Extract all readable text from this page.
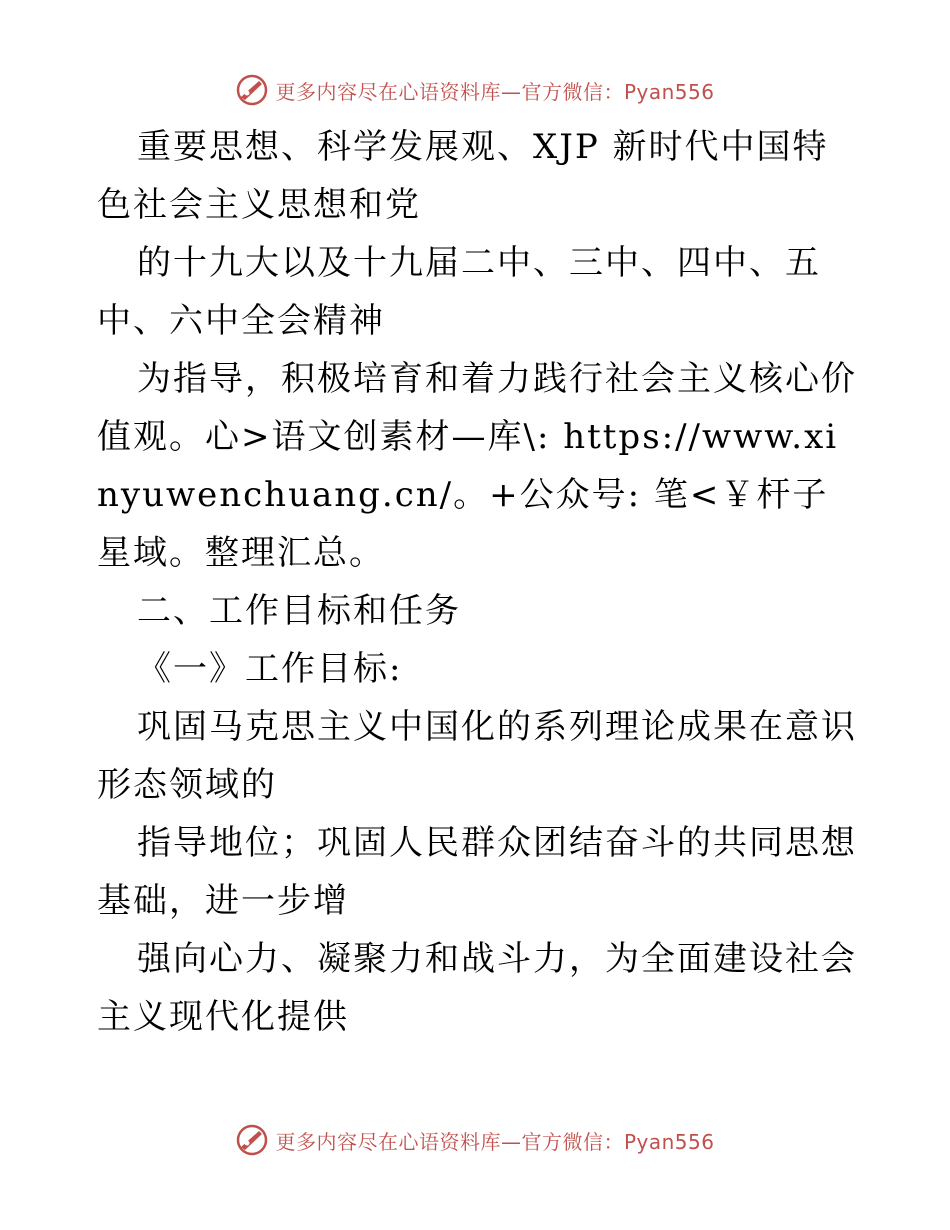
更多内容尽在心语资料库—官方微信：Pyan556

重要思想、科学发展观、XJP 新时代中国特色社会主义思想和党

的十九大以及十九届二中、三中、四中、五中、六中全会精神

为指导，积极培育和着力践行社会主义核心价值观。心>语文创素材—库\: https://www.xinyuwenchuang.cn/。+公众号: 笔<￥杆子星域。整理汇总。

二、工作目标和任务

《一》工作目标:

巩固马克思主义中国化的系列理论成果在意识形态领域的

指导地位；巩固人民群众团结奋斗的共同思想基础，进一步增

强向心力、凝聚力和战斗力，为全面建设社会主义现代化提供

更多内容尽在心语资料库—官方微信：Pyan556
